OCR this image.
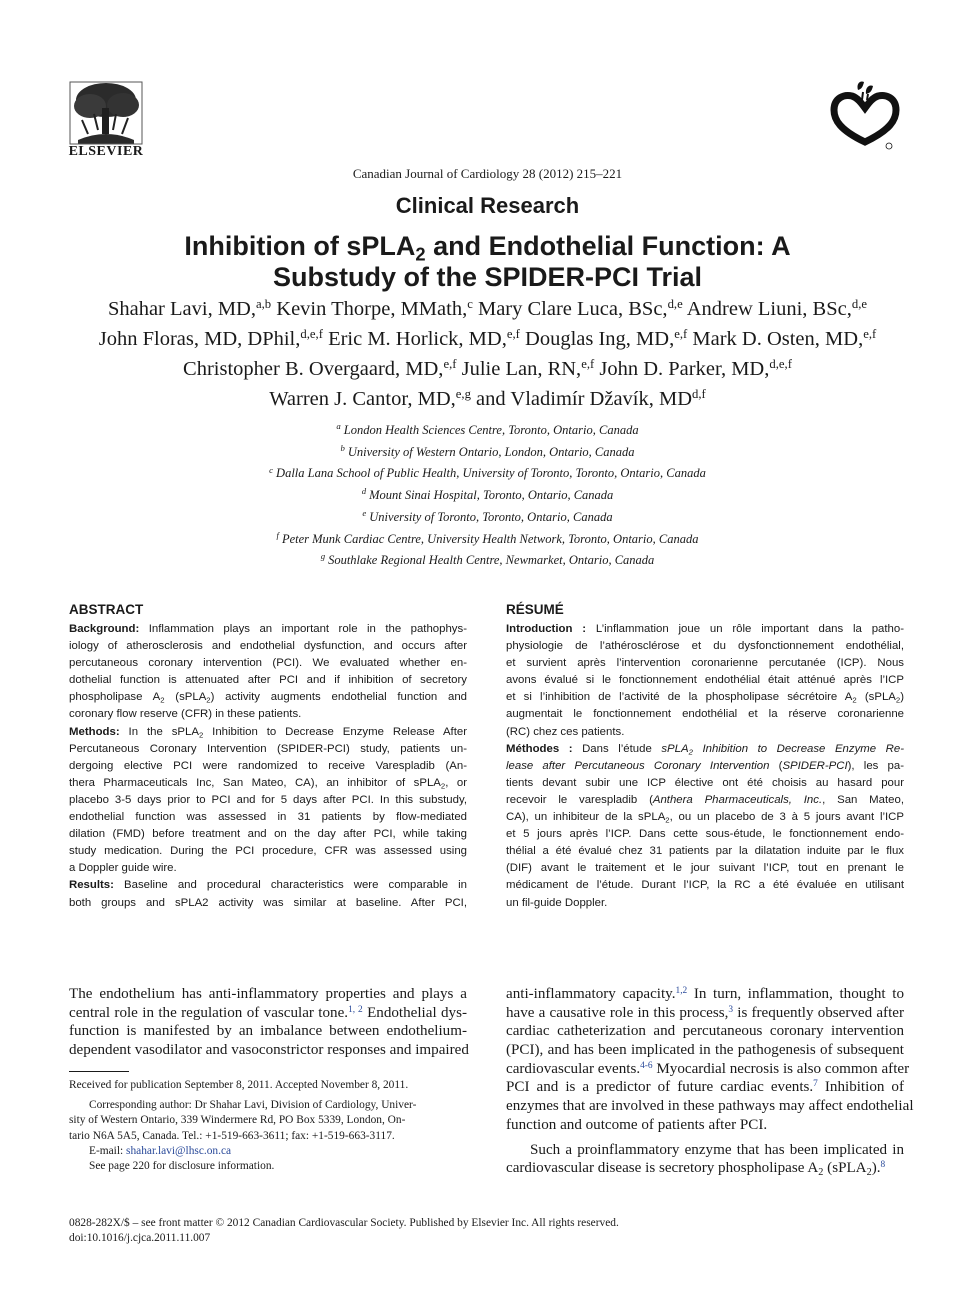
ELSEVIER
Canadian Journal of Cardiology 28 (2012) 215–221
Clinical Research
Inhibition of sPLA$_2$ and Endothelial Function: A
Substudy of the SPIDER-PCI Trial
Shahar Lavi, MD,$^{a,b}$ Kevin Thorpe, MMath,$^c$ Mary Clare Luca, BSc,$^{d,e}$ Andrew Liuni, BSc,$^{d,e}$
John Floras, MD, DPhil,$^{d,e,f}$ Eric M. Horlick, MD,$^{e,f}$ Douglas Ing, MD,$^{e,f}$ Mark D. Osten, MD,$^{e,f}$
Christopher B. Overgaard, MD,$^{e,f}$ Julie Lan, RN,$^{e,f}$ John D. Parker, MD,$^{d,e,f}$
Warren J. Cantor, MD,$^{e,g}$ and Vladimír Džavík, MD$^{d,f}$
$^a$ London Health Sciences Centre, Toronto, Ontario, Canada
$^b$ University of Western Ontario, London, Ontario, Canada
$^c$ Dalla Lana School of Public Health, University of Toronto, Toronto, Ontario, Canada
$^d$ Mount Sinai Hospital, Toronto, Ontario, Canada
$^e$ University of Toronto, Toronto, Ontario, Canada
$^f$ Peter Munk Cardiac Centre, University Health Network, Toronto, Ontario, Canada
$^g$ Southlake Regional Health Centre, Newmarket, Ontario, Canada
ABSTRACT	RÉSUMÉ
Background: Inflammation plays an important role in the pathophys-
iology of atherosclerosis and endothelial dysfunction, and occurs after
percutaneous coronary intervention (PCI). We evaluated whether en-
dothelial function is attenuated after PCI and if inhibition of secretory
phospholipase $A_2$ (sPLA$_2$) activity augments endothelial function and
coronary flow reserve (CFR) in these patients.
Methods: In the sPLA$_2$ Inhibition to Decrease Enzyme Release After
Percutaneous Coronary Intervention (SPIDER-PCI) study, patients un-
dergoing elective PCI were randomized to receive Varespladib (An-
thera Pharmaceuticals Inc, San Mateo, CA), an inhibitor of sPLA$_2$, or
placebo 3-5 days prior to PCI and for 5 days after PCI. In this substudy,
endothelial function was assessed in 31 patients by flow-mediated
dilation (FMD) before treatment and on the day after PCI, while taking
study medication. During the PCI procedure, CFR was assessed using
a Doppler guide wire.
Results: Baseline and procedural characteristics were comparable in
both groups and sPLA2 activity was similar at baseline. After PCI,
Introduction : L’inflammation joue un rôle important dans la patho-
physiologie de l’athérosclérose et du dysfonctionnement endothélial,
et survient après l’intervention coronarienne percutanée (ICP). Nous
avons évalué si le fonctionnement endothélial était atténué après l’ICP
et si l’inhibition de l’activité de la phospholipase sécrétoire $A_2$ (sPLA$_2$)
augmentait le fonctionnement endothélial et la réserve coronarienne
(RC) chez ces patients.
Méthodes : Dans l’étude sPLA$_2$ Inhibition to Decrease Enzyme Re-
lease after Percutaneous Coronary Intervention (SPIDER-PCI), les pa-
tients devant subir une ICP élective ont été choisis au hasard pour
recevoir le varespladib (Anthera Pharmaceuticals, Inc., San Mateo,
CA), un inhibiteur de la sPLA$_2$, ou un placebo de 3 à 5 jours avant l’ICP
et 5 jours après l’ICP. Dans cette sous-étude, le fonctionnement endo-
thélial a été évalué chez 31 patients par la dilatation induite par le flux
(DIF) avant le traitement et le jour suivant l’ICP, tout en prenant le
médicament de l’étude. Durant l’ICP, la RC a été évaluée en utilisant
un fil-guide Doppler.
The endothelium has anti-inflammatory properties and plays a
central role in the regulation of vascular tone.$^{1, 2}$ Endothelial dys-
function is manifested by an imbalance between endothelium-
dependent vasodilator and vasoconstrictor responses and impaired
anti-inflammatory capacity.$^{1,2}$ In turn, inflammation, thought to
have a causative role in this process,$^3$ is frequently observed after
cardiac catheterization and percutaneous coronary intervention
(PCI), and has been implicated in the pathogenesis of subsequent
cardiovascular events.$^{4-6}$ Myocardial necrosis is also common after
PCI and is a predictor of future cardiac events.$^7$ Inhibition of
enzymes that are involved in these pathways may affect endothelial
function and outcome of patients after PCI.
Such a proinflammatory enzyme that has been implicated in
cardiovascular disease is secretory phospholipase $A_2$ (sPLA$_2$).$^8$
Received for publication September 8, 2011. Accepted November 8, 2011.
Corresponding author: Dr Shahar Lavi, Division of Cardiology, Univer-
sity of Western Ontario, 339 Windermere Rd, PO Box 5339, London, On-
tario N6A 5A5, Canada. Tel.: +1-519-663-3611; fax: +1-519-663-3117.
E-mail: shahar.lavi@lhsc.on.ca
See page 220 for disclosure information.
0828-282X/$ – see front matter © 2012 Canadian Cardiovascular Society. Published by Elsevier Inc. All rights reserved.
doi:10.1016/j.cjca.2011.11.007
